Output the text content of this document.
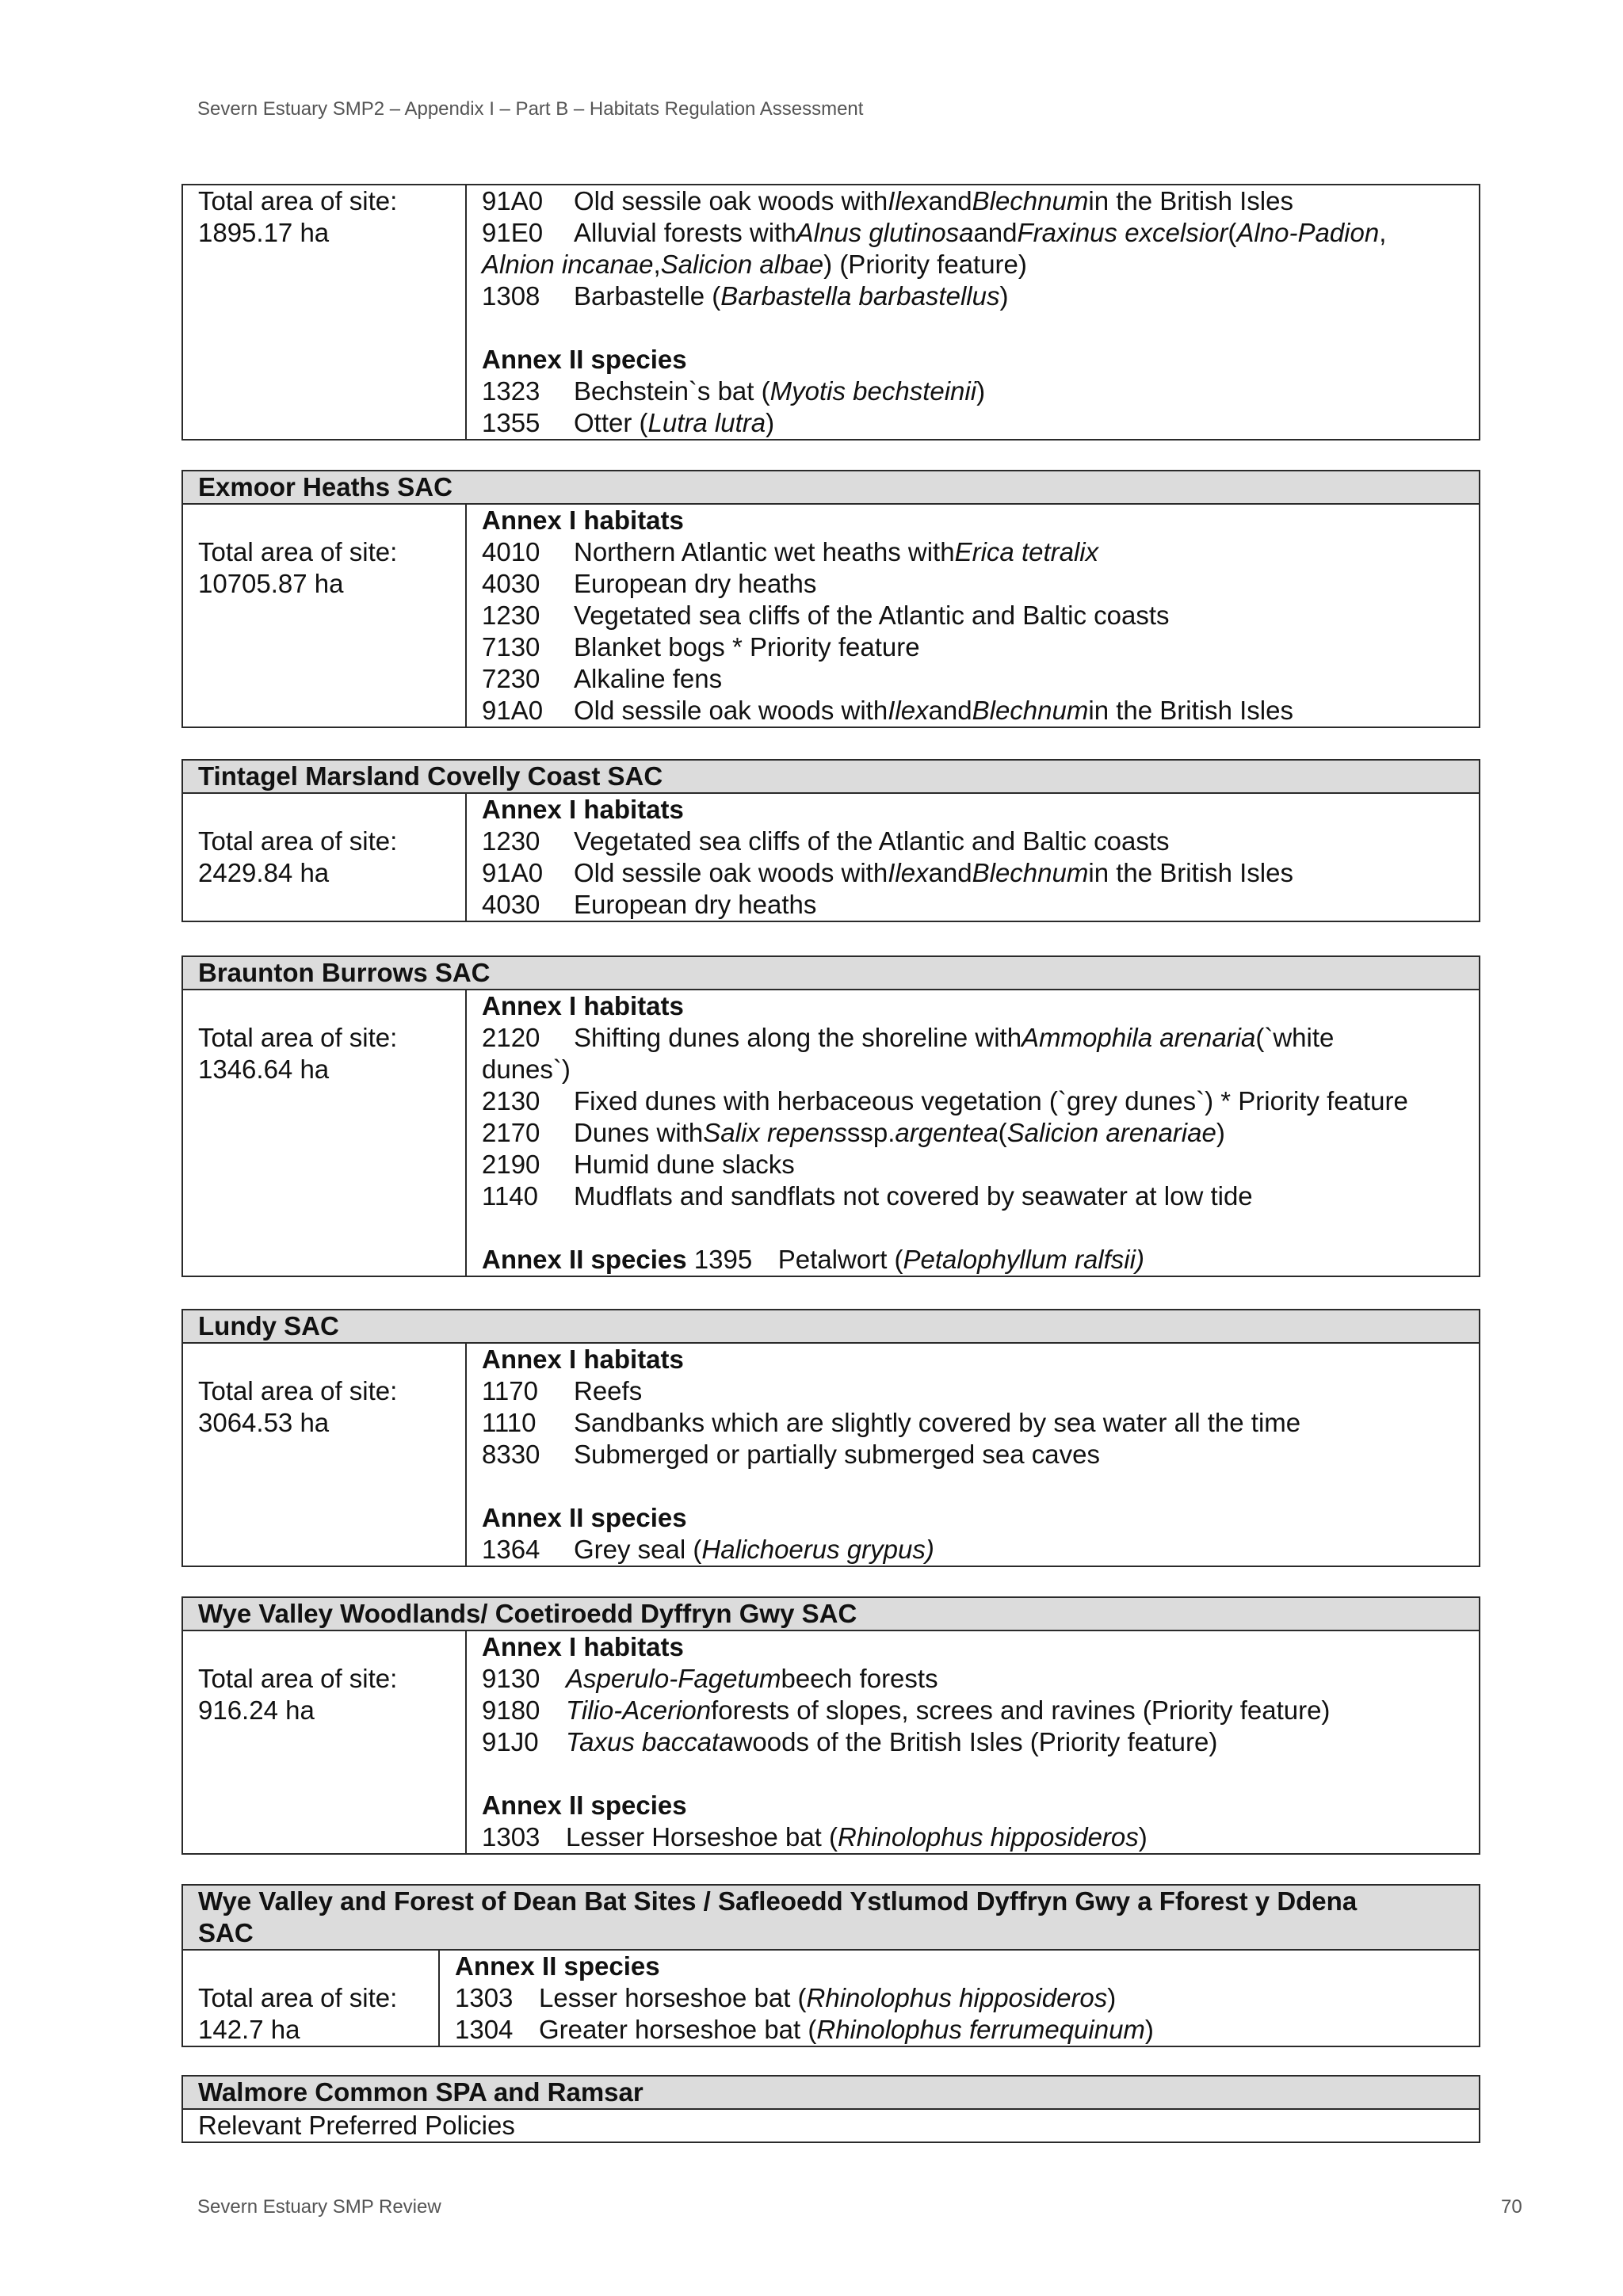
Severn Estuary SMP2 – Appendix I – Part B – Habitats Regulation Assessment
Total area of site:
1895.17 ha

91A0	Old sessile oak woods with Ilex and Blechnum in the British Isles
91E0	Alluvial forests with Alnus glutinosa and Fraxinus excelsior ( Alno-Padion ,
Alnion incanae , Salicion albae ) (Priority feature)
1308	Barbastelle ( Barbastella barbastellus )
Annex II species
1323	Bechstein`s bat ( Myotis bechsteinii )
1355	Otter ( Lutra lutra )
Exmoor Heaths SAC

Total area of site:
10705.87 ha

Annex I habitats
4010	Northern Atlantic wet heaths with Erica tetralix
4030	European dry heaths
1230	Vegetated sea cliffs of the Atlantic and Baltic coasts
7130	Blanket bogs * Priority feature
7230	Alkaline fens
91A0	Old sessile oak woods with Ilex and Blechnum in the British Isles
Tintagel Marsland Covelly Coast SAC

Total area of site:
2429.84 ha

Annex I habitats
1230	Vegetated sea cliffs of the Atlantic and Baltic coasts
91A0	Old sessile oak woods with Ilex and Blechnum in the British Isles
4030	European dry heaths
Braunton Burrows SAC

Total area of site:
1346.64 ha

Annex I habitats
2120	Shifting dunes along the shoreline with Ammophila arenaria (`white
dunes`)
2130	Fixed dunes with herbaceous vegetation (`grey dunes`) * Priority feature
2170	Dunes with Salix repens ssp. argentea ( Salicion arenariae )
2190	Humid dune slacks
1140	Mudflats and sandflats not covered by seawater at low tide
Annex II species
1395 Petalwort ( Petalophyllum ralfsii)
Lundy SAC

Total area of site:
3064.53 ha

Annex I habitats
1170	Reefs
1110	Sandbanks which are slightly covered by sea water all the time
8330	Submerged or partially submerged sea caves
Annex II species
1364	Grey seal ( Halichoerus grypus)
Wye Valley Woodlands/ Coetiroedd Dyffryn Gwy SAC

Total area of site:
916.24 ha

Annex I habitats
9130 Asperulo-Fagetum beech forests
9180 Tilio-Acerion forests of slopes, screes and ravines (Priority feature)
91J0	Taxus baccata woods of the British Isles (Priority feature)
Annex II species
1303 Lesser Horseshoe bat ( Rhinolophus hipposideros )
Wye Valley and Forest of Dean Bat Sites / Safleoedd Ystlumod Dyffryn Gwy a Fforest y Ddena
SAC

Total area of site:
142.7 ha

Annex II species
1303 Lesser horseshoe bat ( Rhinolophus hipposideros )
1304 Greater horseshoe bat ( Rhinolophus ferrumequinum )
Walmore Common SPA and Ramsar
Relevant Preferred Policies
Severn Estuary SMP Review	70
